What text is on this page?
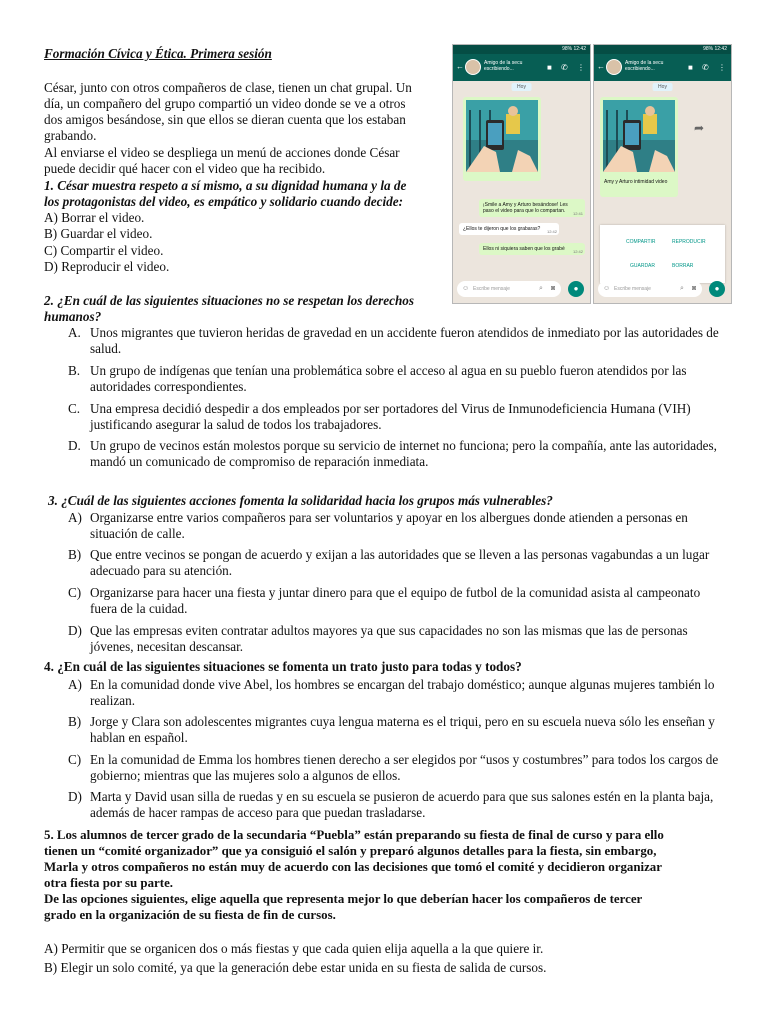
Formación Cívica y Ética. Primera sesión
César, junto con otros compañeros de clase, tienen un chat grupal. Un
día, un compañero del grupo compartió un video donde se ve a otros
dos amigos besándose, sin que ellos se dieran cuenta que los estaban
grabando.
Al enviarse el video se despliega un menú de acciones donde César
puede decidir qué hacer con el video que ha recibido.
1. César muestra respeto a sí mismo, a su dignidad humana y la de
los protagonistas del video, es empático y solidario cuando decide:
A) Borrar el video.
B) Guardar el video.
C) Compartir el video.
D) Reproducir el video.
98% 12:42
←	Amigo de la secu escribiendo...	■ ✆ ⋮
Hoy
¡Smile a Amy y Arturo besándose! Les paso el video para que lo compartan. 12:41
¿Ellos te dijeron que los grabaras? 12:42
Ellos ni siquiera saben que los grabé 12:42
☺ Escribe mensaje	⌕ ◙	●
98% 12:42
←	Amigo de la secu escribiendo...	■ ✆ ⋮
Hoy
Amy y Arturo intimidad video
➦
COMPARTIR	REPRODUCIR
GUARDAR	BORRAR
☺ Escribe mensaje	⌕ ◙	●
2. ¿En cuál de las siguientes situaciones no se respetan los derechos
humanos?
A. Unos migrantes que tuvieron heridas de gravedad en un accidente fueron atendidos de inmediato por las autoridades de salud.
B. Un grupo de indígenas que tenían una problemática sobre el acceso al agua en su pueblo fueron atendidos por las autoridades correspondientes.
C. Una empresa decidió despedir a dos empleados por ser portadores del Virus de Inmunodeficiencia Humana (VIH) justificando asegurar la salud de todos los trabajadores.
D. Un grupo de vecinos están molestos porque su servicio de internet no funciona; pero la compañía, ante las autoridades, mandó un comunicado de compromiso de reparación inmediata.
3. ¿Cuál de las siguientes acciones fomenta la solidaridad hacia los grupos más vulnerables?
A) Organizarse entre varios compañeros para ser voluntarios y apoyar en los albergues donde atienden a personas en situación de calle.
B) Que entre vecinos se pongan de acuerdo y exijan a las autoridades que se lleven a las personas vagabundas a un lugar adecuado para su atención.
C) Organizarse para hacer una fiesta y juntar dinero para que el equipo de futbol de la comunidad asista al campeonato fuera de la cuidad.
D) Que las empresas eviten contratar adultos mayores ya que sus capacidades no son las mismas que las de personas jóvenes, necesitan descansar.
4. ¿En cuál de las siguientes situaciones se fomenta un trato justo para todas y todos?
A) En la comunidad donde vive Abel, los hombres se encargan del trabajo doméstico; aunque algunas mujeres también lo realizan.
B) Jorge y Clara son adolescentes migrantes cuya lengua materna es el triqui, pero en su escuela nueva sólo les enseñan y hablan en español.
C) En la comunidad de Emma los hombres tienen derecho a ser elegidos por “usos y costumbres” para todos los cargos de gobierno; mientras que las mujeres solo a algunos de ellos.
D) Marta y David usan silla de ruedas y en su escuela se pusieron de acuerdo para que sus salones estén en la planta baja, además de hacer rampas de acceso para que puedan trasladarse.
5. Los alumnos de tercer grado de la secundaria “Puebla” están preparando su fiesta de final de curso y para ello
tienen un “comité organizador” que ya consiguió el salón y preparó algunos detalles para la fiesta, sin embargo,
Marla y otros compañeros no están muy de acuerdo con las decisiones que tomó el comité y decidieron organizar
otra fiesta por su parte.
De las opciones siguientes, elige aquella que representa mejor lo que deberían hacer los compañeros de tercer
grado en la organización de su fiesta de fin de cursos.
A) Permitir que se organicen dos o más fiestas y que cada quien elija aquella a la que quiere ir.
B) Elegir un solo comité, ya que la generación debe estar unida en su fiesta de salida de cursos.
